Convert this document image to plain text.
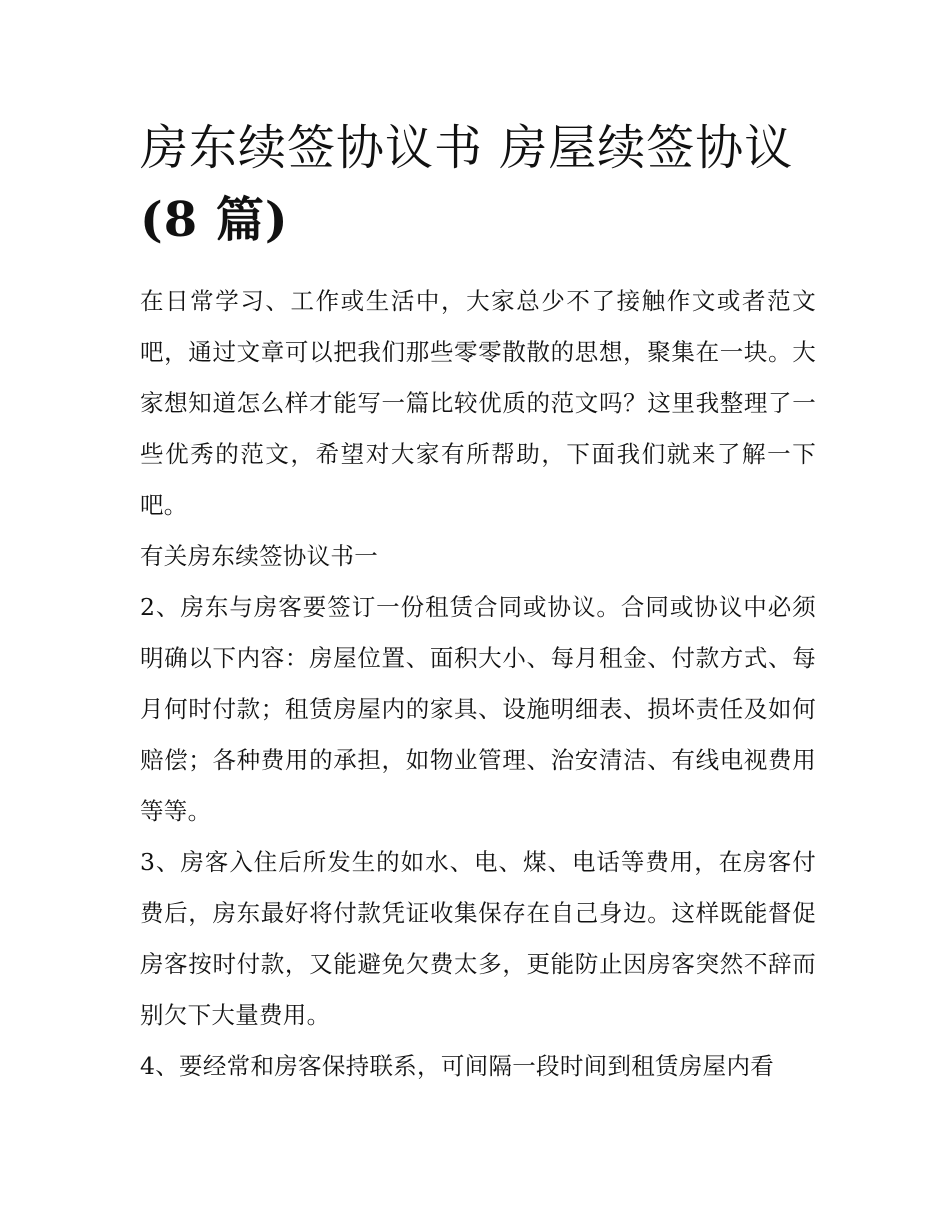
房东续签协议书 房屋续签协议
(8 篇)

在日常学习、工作或生活中，大家总少不了接触作文或者范文吧，通过文章可以把我们那些零零散散的思想，聚集在一块。大家想知道怎么样才能写一篇比较优质的范文吗？这里我整理了一些优秀的范文，希望对大家有所帮助，下面我们就来了解一下吧。

有关房东续签协议书一

2、房东与房客要签订一份租赁合同或协议。合同或协议中必须明确以下内容：房屋位置、面积大小、每月租金、付款方式、每月何时付款；租赁房屋内的家具、设施明细表、损坏责任及如何赔偿；各种费用的承担，如物业管理、治安清洁、有线电视费用等等。

3、房客入住后所发生的如水、电、煤、电话等费用，在房客付费后，房东最好将付款凭证收集保存在自己身边。这样既能督促房客按时付款，又能避免欠费太多，更能防止因房客突然不辞而别欠下大量费用。

4、要经常和房客保持联系，可间隔一段时间到租赁房屋内看
